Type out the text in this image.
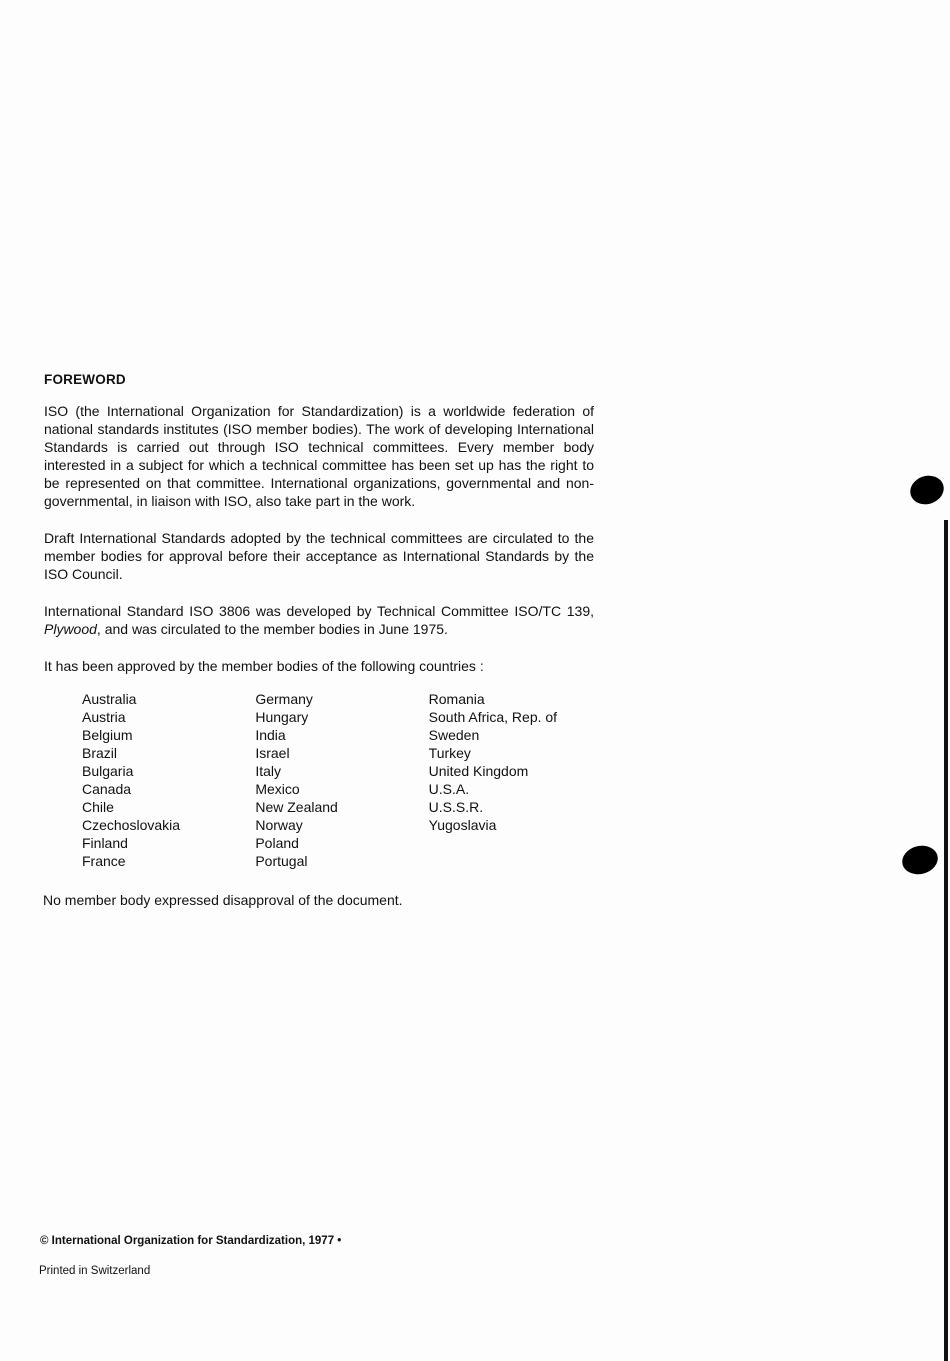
FOREWORD

ISO (the International Organization for Standardization) is a worldwide federation of national standards institutes (ISO member bodies). The work of developing International Standards is carried out through ISO technical committees. Every member body interested in a subject for which a technical committee has been set up has the right to be represented on that committee. International organizations, governmental and non-governmental, in liaison with ISO, also take part in the work.

Draft International Standards adopted by the technical committees are circulated to the member bodies for approval before their acceptance as International Standards by the ISO Council.

International Standard ISO 3806 was developed by Technical Committee ISO/TC 139, Plywood, and was circulated to the member bodies in June 1975.

It has been approved by the member bodies of the following countries :

Australia
Austria
Belgium
Brazil
Bulgaria
Canada
Chile
Czechoslovakia
Finland
France
Germany
Hungary
India
Israel
Italy
Mexico
New Zealand
Norway
Poland
Portugal
Romania
South Africa, Rep. of
Sweden
Turkey
United Kingdom
U.S.A.
U.S.S.R.
Yugoslavia
No member body expressed disapproval of the document.
© International Organization for Standardization, 1977 •
Printed in Switzerland
